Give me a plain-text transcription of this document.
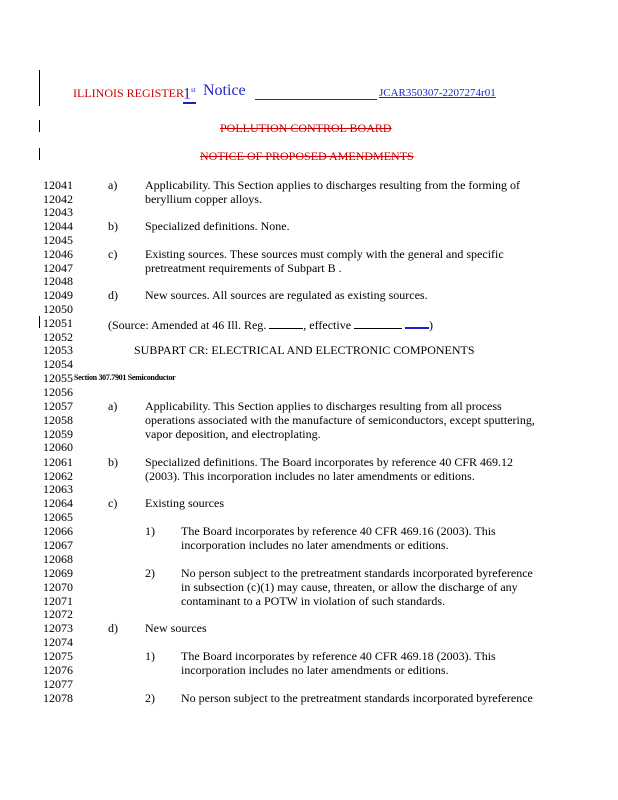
ILLINOIS REGISTER 1st Notice	JCAR350307-2207274r01
POLLUTION CONTROL BOARD
NOTICE OF PROPOSED AMENDMENTS
12041
12042
12043
12044
12045
12046
12047
12048
12049
12050
12051
12052
12053
12054
12055
12056
12057
12058
12059
12060
12061
12062
12063
12064
12065
12066
12067
12068
12069
12070
12071
12072
12073
12074
12075
12076
12077
12078
a) Applicability. This Section applies to discharges resulting from the forming of
beryllium copper alloys.
b) Specialized definitions. None.
c) Existing sources. These sources must comply with the general and specific
pretreatment requirements of Subpart B .
d) New sources. All sources are regulated as existing sources.
(Source: Amended at 46 Ill. Reg.	, effective	)
SUBPART CR: ELECTRICAL AND ELECTRONIC COMPONENTS
Section 307.7901 Semiconductor
a) Applicability. This Section applies to discharges resulting from all process
operations associated with the manufacture of semiconductors, except sputtering,
vapor deposition, and electroplating.
b) Specialized definitions. The Board incorporates by reference 40 CFR 469.12
(2003). This incorporation includes no later amendments or editions.
c) Existing sources
1) The Board incorporates by reference 40 CFR 469.16 (2003). This
incorporation includes no later amendments or editions.
2) No person subject to the pretreatment standards incorporated byreference
in subsection (c)(1) may cause, threaten, or allow the discharge of any
contaminant to a POTW in violation of such standards.
d) New sources
1) The Board incorporates by reference 40 CFR 469.18 (2003). This
incorporation includes no later amendments or editions.
2) No person subject to the pretreatment standards incorporated byreference
